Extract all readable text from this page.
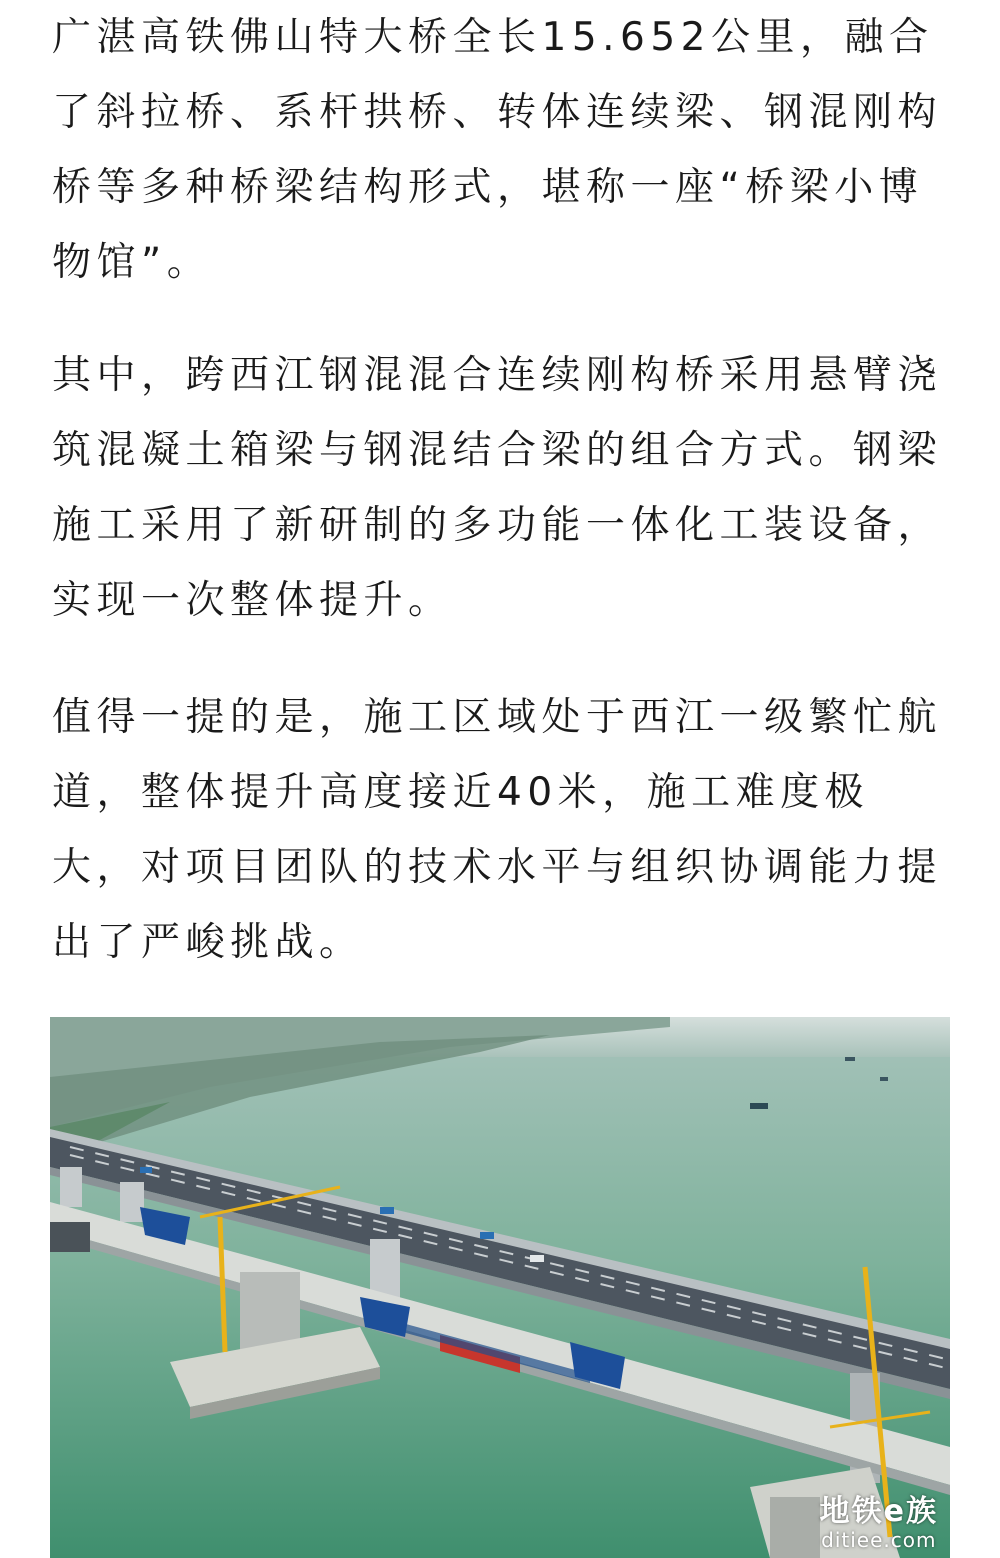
广湛高铁佛山特大桥全长15.652公里，融合
了斜拉桥、系杆拱桥、转体连续梁、钢混刚构
桥等多种桥梁结构形式，堪称一座“桥梁小博
物馆”。
其中，跨西江钢混混合连续刚构桥采用悬臂浇
筑混凝土箱梁与钢混结合梁的组合方式。钢梁
施工采用了新研制的多功能一体化工装设备，
实现一次整体提升。
值得一提的是，施工区域处于西江一级繁忙航
道，整体提升高度接近40米，施工难度极
大，对项目团队的技术水平与组织协调能力提
出了严峻挑战。
地铁e族
ditiee.com
